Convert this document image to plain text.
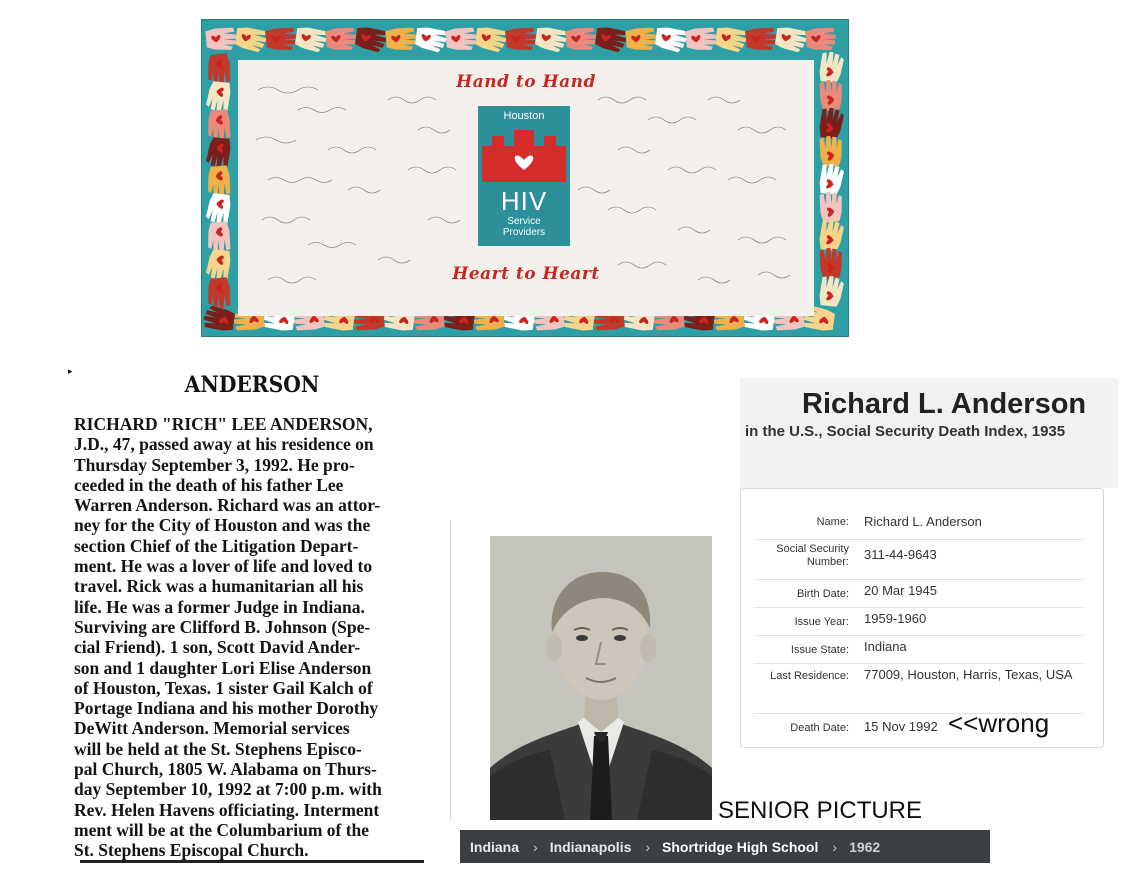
Hand to Hand
Heart to Heart
Houston
HIV
Service
Providers
▸
ANDERSON
RICHARD "RICH" LEE ANDERSON,
J.D., 47, passed away at his residence on
Thursday September 3, 1992. He pro-
ceeded in the death of his father Lee
Warren Anderson. Richard was an attor-
ney for the City of Houston and was the
section Chief of the Litigation Depart-
ment. He was a lover of life and loved to
travel. Rick was a humanitarian all his
life. He was a former Judge in Indiana.
Surviving are Clifford B. Johnson (Spe-
cial Friend). 1 son, Scott David Ander-
son and 1 daughter Lori Elise Anderson
of Houston, Texas. 1 sister Gail Kalch of
Portage Indiana and his mother Dorothy
DeWitt Anderson. Memorial services
will be held at the St. Stephens Episco-
pal Church, 1805 W. Alabama on Thurs-
day September 10, 1992 at 7:00 p.m. with
Rev. Helen Havens officiating. Interment
ment will be at the Columbarium of the
St. Stephens Episcopal Church.
Richard L. Anderson
in the U.S., Social Security Death Index, 1935
Name: Richard L. Anderson
Social Security Number: 311-44-9643
Birth Date: 20 Mar 1945
Issue Year: 1959-1960
Issue State: Indiana
Last Residence: 77009, Houston, Harris, Texas, USA
Death Date: 15 Nov 1992 <<wrong
SENIOR PICTURE
Indiana › Indianapolis › Shortridge High School › 1962
